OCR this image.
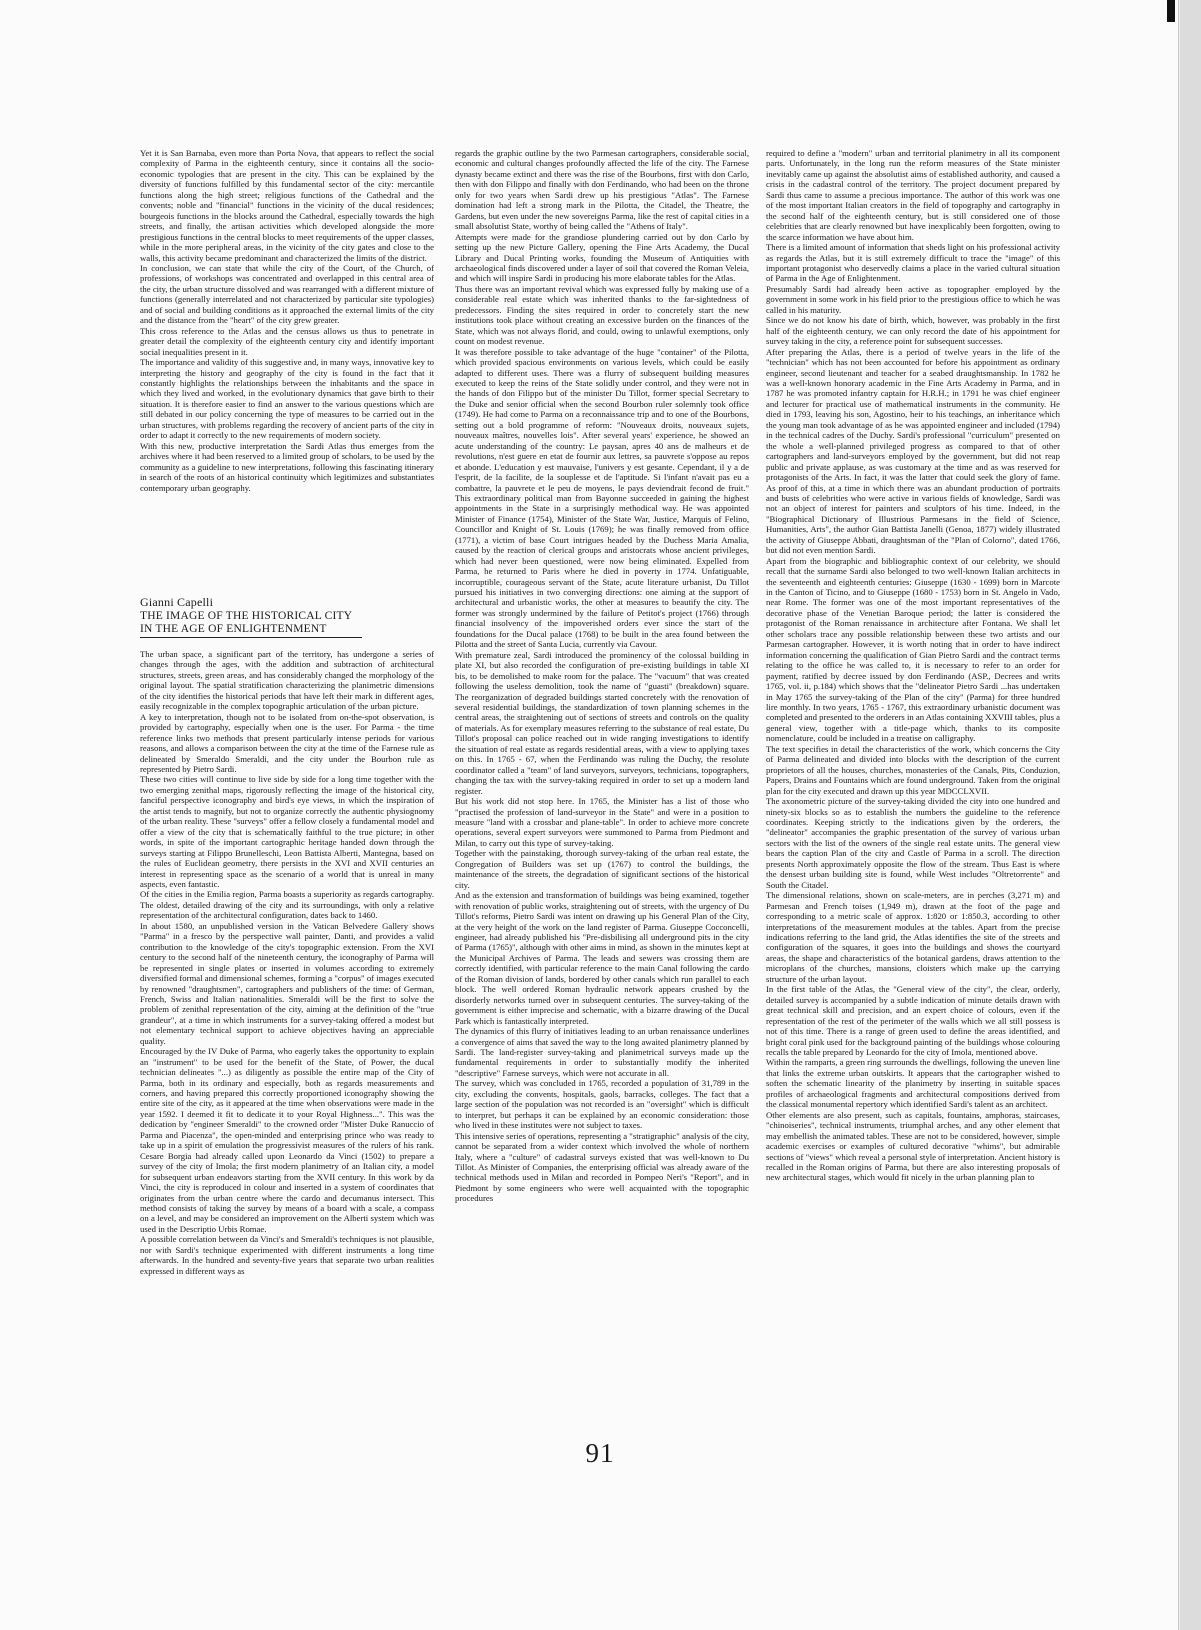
Yet it is San Barnaba, even more than Porta Nova, that appears to reflect the social complexity of Parma in the eighteenth century, since it contains all the socio-economic typologies that are present in the city. This can be explained by the diversity of functions fulfilled by this fundamental sector of the city: mercantile functions along the high street; religious functions of the Cathedral and the convents; noble and "financial" functions in the vicinity of the ducal residences; bourgeois functions in the blocks around the Cathedral, especially towards the high streets, and finally, the artisan activities which developed alongside the more prestigious functions in the central blocks to meet requirements of the upper classes, while in the more peripheral areas, in the vicinity of the city gates and close to the walls, this activity became predominant and characterized the limits of the district.

In conclusion, we can state that while the city of the Court, of the Church, of professions, of workshops was concentrated and overlapped in this central area of the city, the urban structure dissolved and was rearranged with a different mixture of functions (generally interrelated and not characterized by particular site typologies) and of social and building conditions as it approached the external limits of the city and the distance from the "heart" of the city grew greater.

This cross reference to the Atlas and the census allows us thus to penetrate in greater detail the complexity of the eighteenth century city and identify important social inequalities present in it.

The importance and validity of this suggestive and, in many ways, innovative key to interpreting the history and geography of the city is found in the fact that it constantly highlights the relationships between the inhabitants and the space in which they lived and worked, in the evolutionary dynamics that gave birth to their situation. It is therefore easier to find an answer to the various questions which are still debated in our policy concerning the type of measures to be carried out in the urban structures, with problems regarding the recovery of ancient parts of the city in order to adapt it correctly to the new requirements of modern society.

With this new, productive interpretation the Sardi Atlas thus emerges from the archives where it had been reserved to a limited group of scholars, to be used by the community as a guideline to new interpretations, following this fascinating itinerary in search of the roots of an historical continuity which legitimizes and substantiates contemporary urban geography.

Gianni Capelli
THE IMAGE OF THE HISTORICAL CITY
IN THE AGE OF ENLIGHTENMENT

The urban space, a significant part of the territory, has undergone a series of changes through the ages, with the addition and subtraction of architectural structures, streets, green areas, and has considerably changed the morphology of the original layout. The spatial stratification characterizing the planimetric dimensions of the city identifies the historical periods that have left their mark in different ages, easily recognizable in the complex topographic articulation of the urban picture.

A key to interpretation, though not to be isolated from on-the-spot observation, is provided by cartography, especially when one is the user. For Parma - the time reference links two methods that present particularly intense periods for various reasons, and allows a comparison between the city at the time of the Farnese rule as delineated by Smeraldo Smeraldi, and the city under the Bourbon rule as represented by Pietro Sardi.

These two cities will continue to live side by side for a long time together with the two emerging zenithal maps, rigorously reflecting the image of the historical city, fanciful perspective iconography and bird's eye views, in which the inspiration of the artist tends to magnify, but not to organize correctly the authentic physiognomy of the urban reality. These "surveys" offer a fellow closely a fundamental model and offer a view of the city that is schematically faithful to the true picture; in other words, in spite of the important cartographic heritage handed down through the surveys starting at Filippo Brunelleschi, Leon Battista Alberti, Mantegna, based on the rules of Euclidean geometry, there persists in the XVI and XVII centuries an interest in representing space as the scenario of a world that is unreal in many aspects, even fantastic.

Of the cities in the Emilia region, Parma boasts a superiority as regards cartography. The oldest, detailed drawing of the city and its surroundings, with only a relative representation of the architectural configuration, dates back to 1460.

In about 1580, an unpublished version in the Vatican Belvedere Gallery shows "Parma" in a fresco by the perspective wall painter, Danti, and provides a valid contribution to the knowledge of the city's topographic extension. From the XVI century to the second half of the nineteenth century, the iconography of Parma will be represented in single plates or inserted in volumes according to extremely diversified formal and dimensional schemes, forming a "corpus" of images executed by renowned "draughtsmen", cartographers and publishers of the time: of German, French, Swiss and Italian nationalities. Smeraldi will be the first to solve the problem of zenithal representation of the city, aiming at the definition of the "true grandeur", at a time in which instruments for a survey-taking offered a modest but not elementary technical support to achieve objectives having an appreciable quality.

Encouraged by the IV Duke of Parma, who eagerly takes the opportunity to explain an "instrument" to be used for the benefit of the State, of Power, the ducal technician delineates "...) as diligently as possible the entire map of the City of Parma, both in its ordinary and especially, both as regards measurements and corners, and having prepared this correctly proportioned iconography showing the entire site of the city, as it appeared at the time when observations were made in the year 1592. I deemed it fit to dedicate it to your Royal Highness...". This was the dedication by "engineer Smeraldi" to the crowned order "Mister Duke Ranuccio of Parma and Piacenza", the open-minded and enterprising prince who was ready to take up in a spirit of emulation the progressivist measures of the rulers of his rank. Cesare Borgia had already called upon Leonardo da Vinci (1502) to prepare a survey of the city of Imola; the first modern planimetry of an Italian city, a model for subsequent urban endeavors starting from the XVII century. In this work by da Vinci, the city is reproduced in colour and inserted in a system of coordinates that originates from the urban centre where the cardo and decumanus intersect. This method consists of taking the survey by means of a board with a scale, a compass on a level, and may be considered an improvement on the Alberti system which was used in the Descriptio Urbis Romae.

A possible correlation between da Vinci's and Smeraldi's techniques is not plausible, nor with Sardi's technique experimented with different instruments a long time afterwards. In the hundred and seventy-five years that separate two urban realities expressed in different ways as

regards the graphic outline by the two Parmesan cartographers, considerable social, economic and cultural changes profoundly affected the life of the city. The Farnese dynasty became extinct and there was the rise of the Bourbons, first with don Carlo, then with don Filippo and finally with don Ferdinando, who had been on the throne only for two years when Sardi drew up his prestigious "Atlas". The Farnese domination had left a strong mark in the Pilotta, the Citadel, the Theatre, the Gardens, but even under the new sovereigns Parma, like the rest of capital cities in a small absolutist State, worthy of being called the "Athens of Italy".

Attempts were made for the grandiose plundering carried out by don Carlo by setting up the new Picture Gallery, opening the Fine Arts Academy, the Ducal Library and Ducal Printing works, founding the Museum of Antiquities with archaeological finds discovered under a layer of soil that covered the Roman Veleia, and which will inspire Sardi in producing his more elaborate tables for the Atlas.

Thus there was an important revival which was expressed fully by making use of a considerable real estate which was inherited thanks to the far-sightedness of predecessors. Finding the sites required in order to concretely start the new institutions took place without creating an excessive burden on the finances of the State, which was not always florid, and could, owing to unlawful exemptions, only count on modest revenue.

It was therefore possible to take advantage of the huge "container" of the Pilotta, which provided spacious environments on various levels, which could be easily adapted to different uses. There was a flurry of subsequent building measures executed to keep the reins of the State solidly under control, and they were not in the hands of don Filippo but of the minister Du Tillot, former special Secretary to the Duke and senior official when the second Bourbon ruler solemnly took office (1749). He had come to Parma on a reconnaissance trip and to one of the Bourbons, setting out a bold programme of reform: "Nouveaux droits, nouveaux sujets, nouveaux maîtres, nouvelles lois". After several years' experience, he showed an acute understanding of the country: Le paysan, apres 40 ans de malheurs et de revolutions, n'est guere en etat de fournir aux lettres, sa pauvrete s'oppose au repos et abonde. L'education y est mauvaise, l'univers y est gesante. Cependant, il y a de l'esprit, de la facilite, de la souplesse et de l'aptitude. Si l'infant n'avait pas eu a combattre, la pauvrete et le peu de moyens, le pays deviendrait fecond de fruit." This extraordinary political man from Bayonne succeeded in gaining the highest appointments in the State in a surprisingly methodical way. He was appointed Minister of Finance (1754), Minister of the State War, Justice, Marquis of Felino, Councillor and Knight of St. Louis (1769); he was finally removed from office (1771), a victim of base Court intrigues headed by the Duchess Maria Amalia, caused by the reaction of clerical groups and aristocrats whose ancient privileges, which had never been questioned, were now being eliminated. Expelled from Parma, he returned to Paris where he died in poverty in 1774. Unfatiguable, incorruptible, courageous servant of the State, acute literature urbanist, Du Tillot pursued his initiatives in two converging directions: one aiming at the support of architectural and urbanistic works, the other at measures to beautify the city. The former was strongly undermined by the failure of Petitot's project (1766) through financial insolvency of the impoverished orders ever since the start of the foundations for the Ducal palace (1768) to be built in the area found between the Pilotta and the street of Santa Lucia, currently via Cavour.

With premature zeal, Sardi introduced the prominency of the colossal building in plate XI, but also recorded the configuration of pre-existing buildings in table XI bis, to be demolished to make room for the palace. The "vacuum" that was created following the useless demolition, took the name of "guasti" (breakdown) square. The reorganization of degraded buildings started concretely with the renovation of several residential buildings, the standardization of town planning schemes in the central areas, the straightening out of sections of streets and controls on the quality of materials. As for exemplary measures referring to the substance of real estate, Du Tillot's proposal can police reached out in wide ranging investigations to identify the situation of real estate as regards residential areas, with a view to applying taxes on this. In 1765 - 67, when the Ferdinando was ruling the Duchy, the resolute coordinator called a "team" of land surveyors, surveyors, technicians, topographers, changing the tax with the survey-taking required in order to set up a modern land register.

But his work did not stop here. In 1765, the Minister has a list of those who "practised the profession of land-surveyor in the State" and were in a position to measure "land with a crossbar and plane-table". In order to achieve more concrete operations, several expert surveyors were summoned to Parma from Piedmont and Milan, to carry out this type of survey-taking.

Together with the painstaking, thorough survey-taking of the urban real estate, the Congregation of Builders was set up (1767) to control the buildings, the maintenance of the streets, the degradation of significant sections of the historical city.

And as the extension and transformation of buildings was being examined, together with renovation of public works, straightening out of streets, with the urgency of Du Tillot's reforms, Pietro Sardi was intent on drawing up his General Plan of the City, at the very height of the work on the land register of Parma. Giuseppe Cocconcelli, engineer, had already published his "Pre-disbilising all underground pits in the city of Parma (1765)", although with other aims in mind, as shown in the minutes kept at the Municipal Archives of Parma. The leads and sewers was crossing them are correctly identified, with particular reference to the main Canal following the cardo of the Roman division of lands, bordered by other canals which run parallel to each block. The well ordered Roman hydraulic network appears crushed by the disorderly networks turned over in subsequent centuries. The survey-taking of the government is either imprecise and schematic, with a bizarre drawing of the Ducal Park which is fantastically interpreted.

The dynamics of this flurry of initiatives leading to an urban renaissance underlines a convergence of aims that saved the way to the long awaited planimetry planned by Sardi. The land-register survey-taking and planimetrical surveys made up the fundamental requirements in order to substantially modify the inherited "descriptive" Farnese surveys, which were not accurate in all.

The survey, which was concluded in 1765, recorded a population of 31,789 in the city, excluding the convents, hospitals, gaols, barracks, colleges. The fact that a large section of the population was not recorded is an "oversight" which is difficult to interpret, but perhaps it can be explained by an economic consideration: those who lived in these institutes were not subject to taxes.

This intensive series of operations, representing a "stratigraphic" analysis of the city, cannot be separated from a wider context which involved the whole of northern Italy, where a "culture" of cadastral surveys existed that was well-known to Du Tillot. As Minister of Companies, the enterprising official was already aware of the technical methods used in Milan and recorded in Pompeo Neri's "Report", and in Piedmont by some engineers who were well acquainted with the topographic procedures

required to define a "modern" urban and territorial planimetry in all its component parts. Unfortunately, in the long run the reform measures of the State minister inevitably came up against the absolutist aims of established authority, and caused a crisis in the cadastral control of the territory. The project document prepared by Sardi thus came to assume a precious importance. The author of this work was one of the most important Italian creators in the field of topography and cartography in the second half of the eighteenth century, but is still considered one of those celebrities that are clearly renowned but have inexplicably been forgotten, owing to the scarce information we have about him.

There is a limited amount of information that sheds light on his professional activity as regards the Atlas, but it is still extremely difficult to trace the "image" of this important protagonist who deservedly claims a place in the varied cultural situation of Parma in the Age of Enlightenment.

Presumably Sardi had already been active as topographer employed by the government in some work in his field prior to the prestigious office to which he was called in his maturity.

Since we do not know his date of birth, which, however, was probably in the first half of the eighteenth century, we can only record the date of his appointment for survey taking in the city, a reference point for subsequent successes.

After preparing the Atlas, there is a period of twelve years in the life of the "technician" which has not been accounted for before his appointment as ordinary engineer, second lieutenant and teacher for a seabed draughtsmanship. In 1782 he was a well-known honorary academic in the Fine Arts Academy in Parma, and in 1787 he was promoted infantry captain for H.R.H.; in 1791 he was chief engineer and lecturer for practical use of mathematical instruments in the community. He died in 1793, leaving his son, Agostino, heir to his teachings, an inheritance which the young man took advantage of as he was appointed engineer and included (1794) in the technical cadres of the Duchy. Sardi's professional "curriculum" presented on the whole a well-planned privileged progress as compared to that of other cartographers and land-surveyors employed by the government, but did not reap public and private applause, as was customary at the time and as was reserved for protagonists of the Arts. In fact, it was the latter that could seek the glory of fame. As proof of this, at a time in which there was an abundant production of portraits and busts of celebrities who were active in various fields of knowledge, Sardi was not an object of interest for painters and sculptors of his time. Indeed, in the "Biographical Dictionary of Illustrious Parmesans in the field of Science, Humanities, Arts", the author Gian Battista Janelli (Genoa, 1877) widely illustrated the activity of Giuseppe Abbati, draughtsman of the "Plan of Colorno", dated 1766, but did not even mention Sardi.

Apart from the biographic and bibliographic context of our celebrity, we should recall that the surname Sardi also belonged to two well-known Italian architects in the seventeenth and eighteenth centuries: Giuseppe (1630 - 1699) born in Marcote in the Canton of Ticino, and to Giuseppe (1680 - 1753) born in St. Angelo in Vado, near Rome. The former was one of the most important representatives of the decorative phase of the Venetian Baroque period; the latter is considered the protagonist of the Roman renaissance in architecture after Fontana. We shall let other scholars trace any possible relationship between these two artists and our Parmesan cartographer. However, it is worth noting that in order to have indirect information concerning the qualification of Gian Pietro Sardi and the contract terms relating to the office he was called to, it is necessary to refer to an order for payment, ratified by decree issued by don Ferdinando (ASP., Decrees and writs 1765, vol. ii, p.184) which shows that the "delineator Pietro Sardi ...has undertaken in May 1765 the survey-taking of the Plan of the city" (Parma) for three hundred lire monthly. In two years, 1765 - 1767, this extraordinary urbanistic document was completed and presented to the orderers in an Atlas containing XXVIII tables, plus a general view, together with a title-page which, thanks to its composite nomenclature, could be included in a treatise on calligraphy.

The text specifies in detail the characteristics of the work, which concerns the City of Parma delineated and divided into blocks with the description of the current proprietors of all the houses, churches, monasteries of the Canals, Pits, Conduzion, Papers, Drains and Fountains which are found underground. Taken from the original plan for the city executed and drawn up this year MDCCLXVII.

The axonometric picture of the survey-taking divided the city into one hundred and ninety-six blocks so as to establish the numbers the guideline to the reference coordinates. Keeping strictly to the indications given by the orderers, the "delineator" accompanies the graphic presentation of the survey of various urban sectors with the list of the owners of the single real estate units. The general view bears the caption Plan of the city and Castle of Parma in a scroll. The direction presents North approximately opposite the flow of the stream. Thus East is where the densest urban building site is found, while West includes "Oltretorrente" and South the Citadel.

The dimensional relations, shown on scale-meters, are in perches (3,271 m) and Parmesan and French toises (1,949 m), drawn at the foot of the page and corresponding to a metric scale of approx. 1:820 or 1:850.3, according to other interpretations of the measurement modules at the tables. Apart from the precise indications referring to the land grid, the Atlas identifies the site of the streets and configuration of the squares, it goes into the buildings and shows the courtyard areas, the shape and characteristics of the botanical gardens, draws attention to the microplans of the churches, mansions, cloisters which make up the carrying structure of the urban layout.

In the first table of the Atlas, the "General view of the city", the clear, orderly, detailed survey is accompanied by a subtle indication of minute details drawn with great technical skill and precision, and an expert choice of colours, even if the representation of the rest of the perimeter of the walls which we all still possess is not of this time. There is a range of green used to define the areas identified, and bright coral pink used for the background painting of the buildings whose colouring recalls the table prepared by Leonardo for the city of Imola, mentioned above.

Within the ramparts, a green ring surrounds the dwellings, following the uneven line that links the extreme urban outskirts. It appears that the cartographer wished to soften the schematic linearity of the planimetry by inserting in suitable spaces profiles of archaeological fragments and architectural compositions derived from the classical monumental repertory which identified Sardi's talent as an architect.

Other elements are also present, such as capitals, fountains, amphoras, staircases, "chinoiseries", technical instruments, triumphal arches, and any other element that may embellish the animated tables. These are not to be considered, however, simple academic exercises or examples of cultured decorative "whims", but admirable sections of "views" which reveal a personal style of interpretation. Ancient history is recalled in the Roman origins of Parma, but there are also interesting proposals of new architectural stages, which would fit nicely in the urban planning plan to

91
